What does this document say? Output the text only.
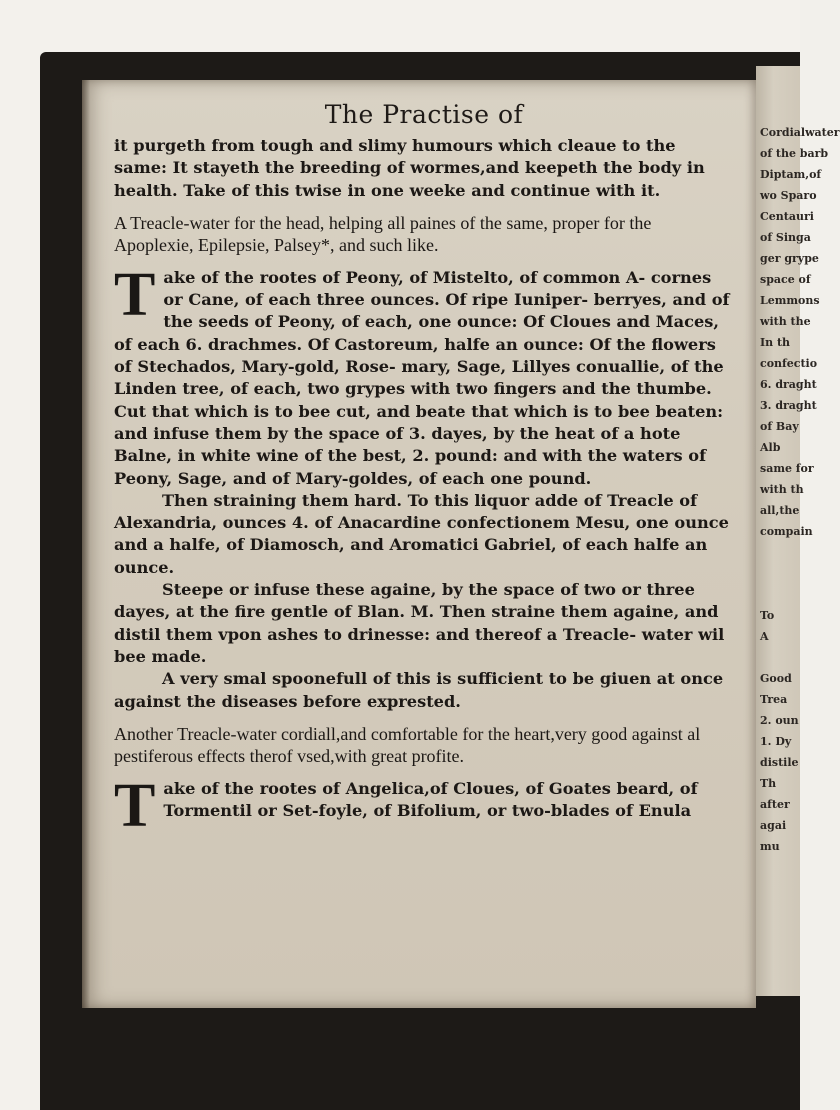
Cordialwater
of the barb
Diptam,of
wo Sparo
Centauri
of Singa
ger grype
space of
Lemmons
with the
In th
confectio
6. draght
3. draght
of Bay
Alb
same for
with th
all,the
compain
To
A
Good
Trea
2. oun
1. Dy
distile
Th
after
agai
mu
The Practise of
it purgeth from tough and slimy humours which cleaue to the same: It stayeth the breeding of wormes,and keepeth the body in health. Take of this twise in one weeke and continue with it.
A Treacle-water for the head, helping all paines of the same, proper for the Apoplexie, Epilepsie, Palsey*, and such like.
Take of the rootes of Peony, of Mistelto, of common A- cornes or Cane, of each three ounces. Of ripe Iuniper- berryes, and of the seeds of Peony, of each, one ounce: Of Cloues and Maces, of each 6. drachmes. Of Castoreum, halfe an ounce: Of the flowers of Stechados, Mary-gold, Rose- mary, Sage, Lillyes conuallie, of the Linden tree, of each, two grypes with two fingers and the thumbe. Cut that which is to bee cut, and beate that which is to bee beaten: and infuse them by the space of 3. dayes, by the heat of a hote Balne, in white wine of the best, 2. pound: and with the waters of Peony, Sage, and of Mary-goldes, of each one pound.
Then straining them hard. To this liquor adde of Treacle of Alexandria, ounces 4. of Anacardine confectionem Mesu, one ounce and a halfe, of Diamosch, and Aromatici Gabriel, of each halfe an ounce.
Steepe or infuse these againe, by the space of two or three dayes, at the fire gentle of Blan. M. Then straine them againe, and distil them vpon ashes to drinesse: and thereof a Treacle- water wil bee made.
A very smal spoonefull of this is sufficient to be giuen at once against the diseases before exprested.
Another Treacle-water cordiall,and comfortable for the heart,very good against al pestiferous effects therof vsed,with great profite.
Take of the rootes of Angelica,of Cloues, of Goates beard, of Tormentil or Set-foyle, of Bifolium, or two-blades of Enula
